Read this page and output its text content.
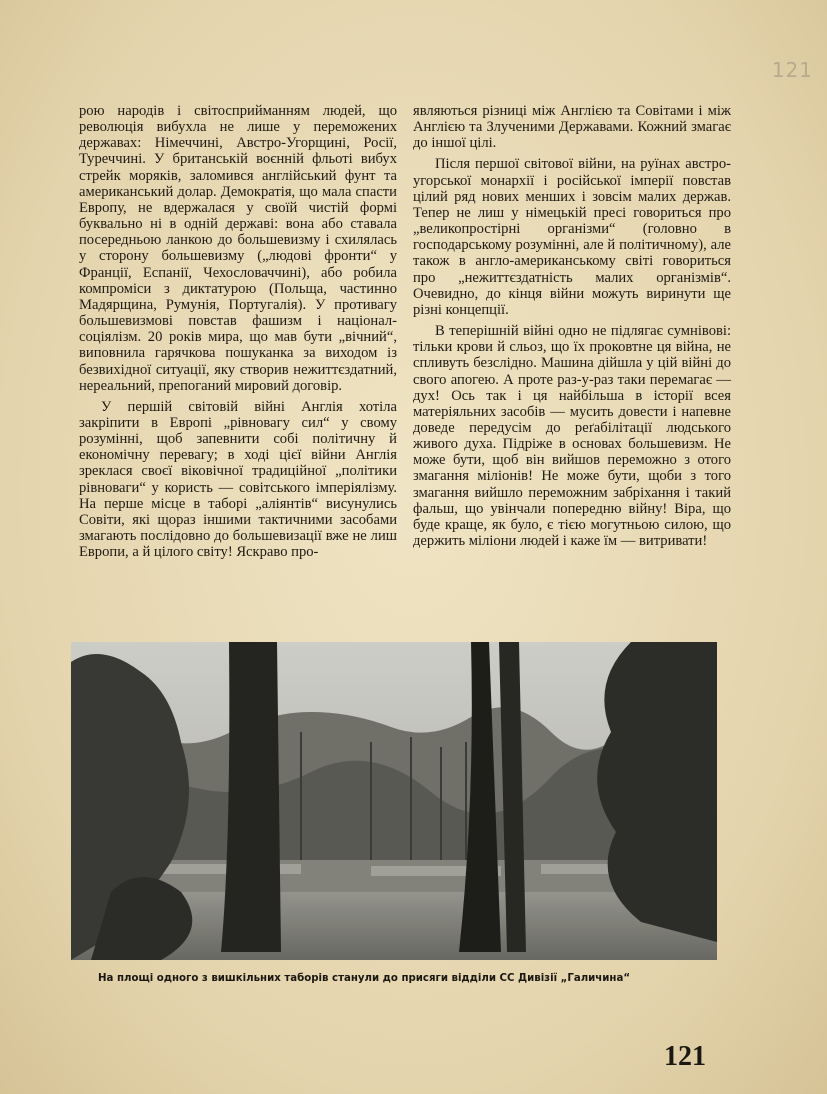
121

рою народів і світосприйманням людей, що революція вибухла не лише у переможених державах: Німеччині, Австро-Угорщині, Росії, Туреччині. У британській воєнній фльоті вибух стрейк моряків, заломився англійський фунт та американський долар. Демократія, що мала спасти Европу, не вдержалася у своїй чистій формі буквально ні в одній державі: вона або ставала посередньою ланкою до большевизму і схилялась у сторону большевизму („людові фронти“ у Франції, Еспанії, Чехословаччині), або робила компроміси з диктатурою (Польща, частинно Мадярщина, Румунія, Португалія). У противагу большевизмові повстав фашизм і націонал-соціялізм. 20 років мира, що мав бути „вічний“, виповнила гарячкова пошуканка за виходом із безвихідної ситуації, яку створив нежиттєздатний, нереальний, препоганий мировий договір.

У першій світовій війні Англія хотіла закріпити в Европі „рівновагу сил“ у свому розумінні, щоб запевнити собі політичну й економічну перевагу; в ході цієї війни Англія зреклася своєї віковічної традиційної „політики рівноваги“ у користь — совітського імперіялізму. На перше місце в таборі „аліянтів“ висунулись Совіти, які щораз іншими тактичними засобами змагають послідовно до большевизації вже не лиш Европи, а й цілого світу! Яскраво про-

являються різниці між Англією та Совітами і між Англією та Злученими Державами. Кожний змагає до іншої цілі.

Після першої світової війни, на руїнах австро-угорської монархії і російської імперії повстав цілий ряд нових менших і зовсім малих держав. Тепер не лиш у німецькій пресі говориться про „великопростірні організми“ (головно в господарському розумінні, але й політичному), але також в англо-американському світі говориться про „нежиттєздатність малих організмів“. Очевидно, до кінця війни можуть виринути ще різні концепції.

В теперішній війні одно не підлягає сумнівові: тільки крови й сльоз, що їх проковтне ця війна, не спливуть безслідно. Машина дійшла у цій війні до свого апогею. А проте раз-у-раз таки перемагає — дух! Ось так і ця найбільша в історії всея матеріяльних засобів — мусить довести і напевне доведе передусім до реґабілітації людського живого духа. Підріже в основах большевизм. Не може бути, щоб він вийшов переможно з отого змагання міліонів! Не може бути, щоби з того змагання вийшло переможним забріхання і такий фальш, що увінчали попередню війну! Віра, що буде краще, як було, є тією могутньою силою, що держить міліони людей і каже їм — витривати!

На площі одного з вишкільних таборів станули до присяги відділи СС Дивізії „Галичина“
121
